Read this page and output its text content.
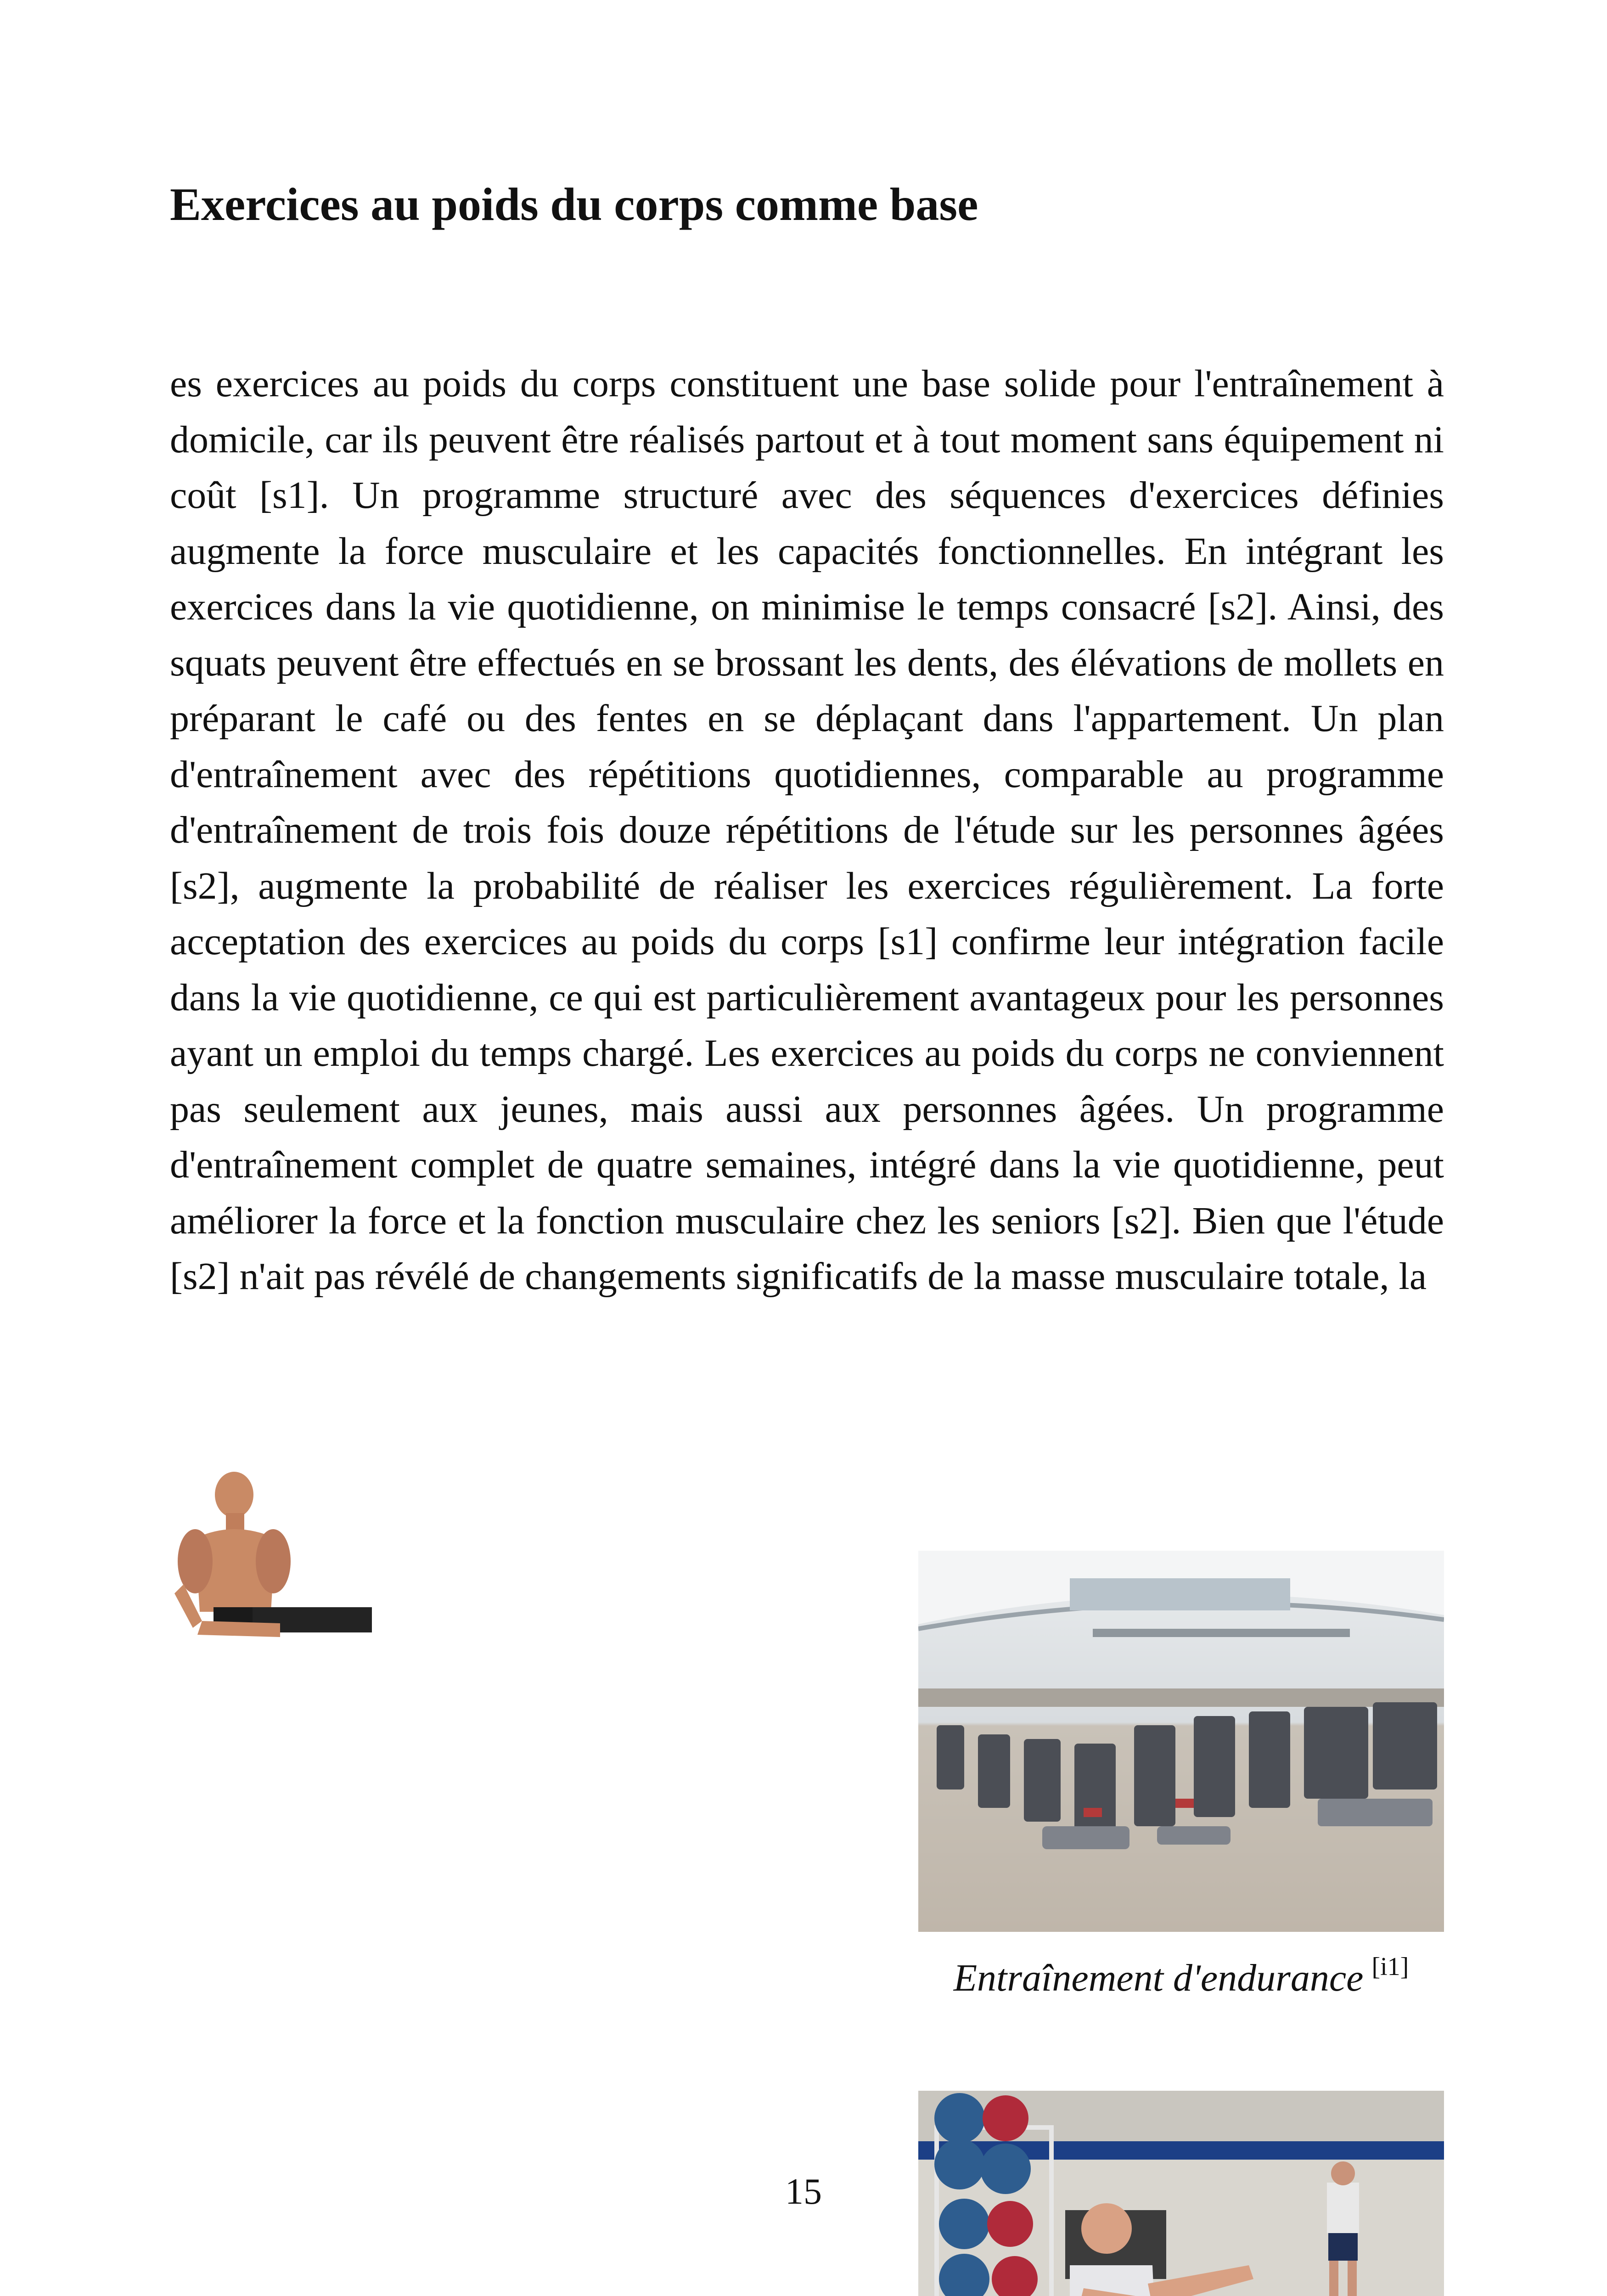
Exercices au poids du corps comme base
Entraînement d'endurance [i1]
es exercices au poids du corps constituent une base solide pour l'entraînement à domicile, car ils peuvent être réalisés partout et à tout moment sans équipement ni coût [s1]. Un programme structuré avec des séquences d'exercices définies augmente la force musculaire et les capacités fonctionnelles. En intégrant les exercices dans la vie quotidienne, on minimise le temps consacré [s2]. Ainsi, des squats peuvent être effectués en se brossant les dents, des élévations de mollets en préparant le café ou des fentes en se déplaçant dans l'appartement. Un plan d'entraînement avec des répétitions quotidiennes, comparable au programme d'entraînement de trois fois douze répétitions de l'étude sur les personnes âgées [s2], augmente la probabilité de réaliser les exercices régulièrement. La forte acceptation des exercices au poids du corps [s1] confirme leur intégration facile dans la vie quotidienne, ce qui est particulièrement avantageux pour les personnes ayant un emploi du temps chargé. Les exercices au poids du corps ne conviennent pas seulement aux jeunes, mais aussi aux personnes âgées. Un programme d'entraînement complet de quatre semaines, intégré dans la vie quotidienne, peut améliorer la force et la fonction musculaire chez les seniors [s2]. Bien que l'étude [s2] n'ait pas révélé de changements significatifs de la masse musculaire totale, la
15
